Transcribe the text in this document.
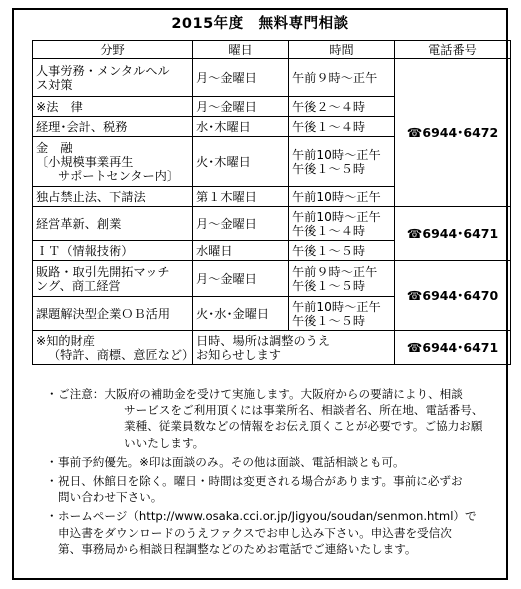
2015年度　無料専門相談
分野	曜日	時間	電話番号
人事労務・メンタルヘル
ス対策	月～金曜日	午前９時～正午	☎6944･6472
※法　律	月～金曜日	午後２～４時	
経理･会計、税務	水･木曜日	午後１～４時	
金　融
〔小規模事業再生

サポートセンター内〕	火･木曜日	午前10時～正午
午後１～５時	
独占禁止法、下請法	第１木曜日	午前10時～正午	
経営革新、創業	月～金曜日	午前10時～正午
午後１～４時	☎6944･6471
ＩＴ（情報技術）	水曜日	午後１～５時	
販路・取引先開拓マッチ
ング、商工経営	月～金曜日	午前９時～正午
午後１～５時	☎6944･6470
課題解決型企業ＯＢ活用	火･水･金曜日	午前10時～正午
午後１～５時	
※知的財産

（特許、商標、意匠など）	日時、場所は調整のうえ
お知らせします		☎6944･6471
・ ご注意：大阪府の補助金を受けて実施します。大阪府からの要請により、相談
サービスをご利用頂くには事業所名、相談者名、所在地、電話番号、
業種、従業員数などの情報をお伝え頂くことが必要です。ご協力お願
いいたします。
・ 事前予約優先。※印は面談のみ。その他は面談、電話相談とも可。
・ 祝日、休館日を除く。曜日・時間は変更される場合があります。事前に必ずお
問い合わせ下さい。
・ ホームページ（http://www.osaka.cci.or.jp/Jigyou/soudan/senmon.html）で
申込書をダウンロードのうえファクスでお申し込み下さい。申込書を受信次
第、事務局から相談日程調整などのためお電話でご連絡いたします。
